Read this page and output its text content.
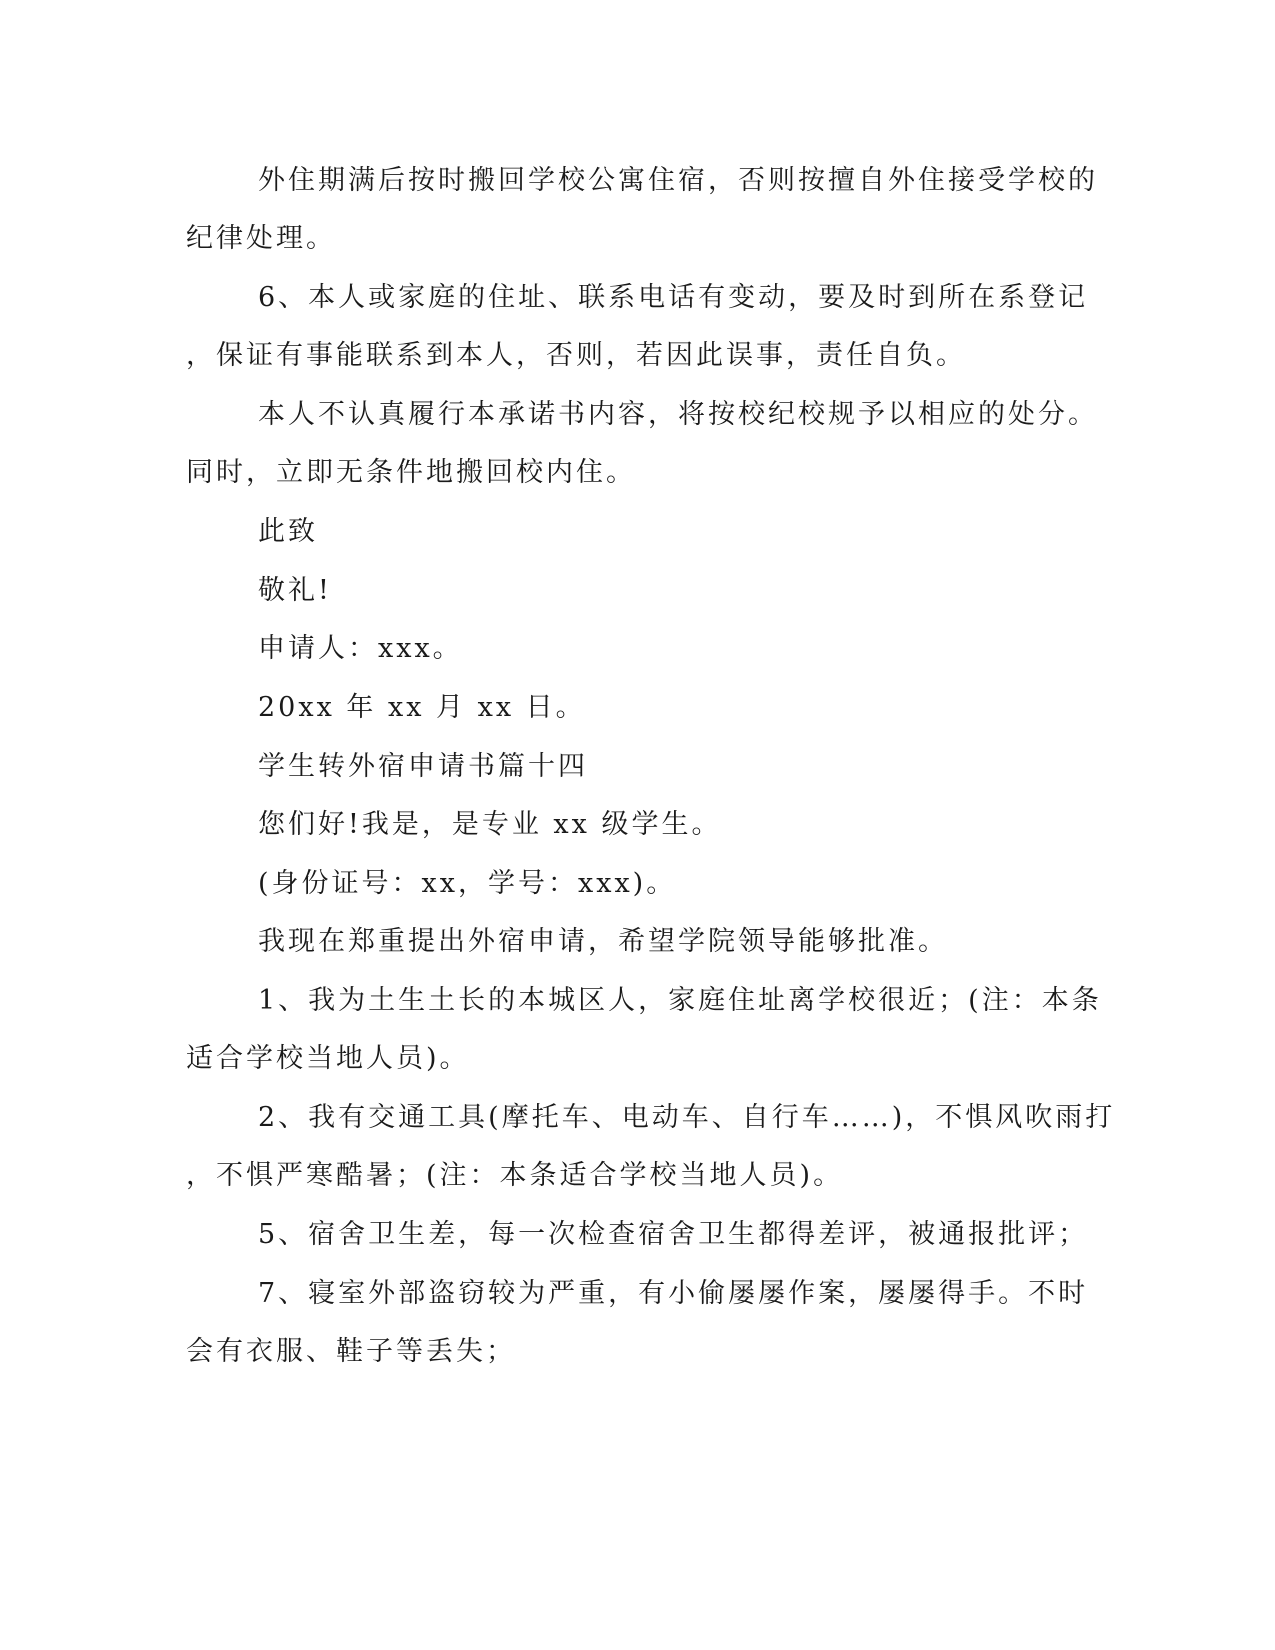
外住期满后按时搬回学校公寓住宿，否则按擅自外住接受学校的
纪律处理。
6、本人或家庭的住址、联系电话有变动，要及时到所在系登记
，保证有事能联系到本人，否则，若因此误事，责任自负。
本人不认真履行本承诺书内容，将按校纪校规予以相应的处分。
同时，立即无条件地搬回校内住。
此致
敬礼!
申请人：xxx。
20xx 年 xx 月 xx 日。
学生转外宿申请书篇十四
您们好!我是，是专业 xx 级学生。
(身份证号：xx，学号：xxx)。
我现在郑重提出外宿申请，希望学院领导能够批准。
1、我为土生土长的本城区人，家庭住址离学校很近；(注：本条
适合学校当地人员)。
2、我有交通工具(摩托车、电动车、自行车……)，不惧风吹雨打
，不惧严寒酷暑；(注：本条适合学校当地人员)。
5、宿舍卫生差，每一次检查宿舍卫生都得差评，被通报批评；
7、寝室外部盗窃较为严重，有小偷屡屡作案，屡屡得手。不时
会有衣服、鞋子等丢失；
